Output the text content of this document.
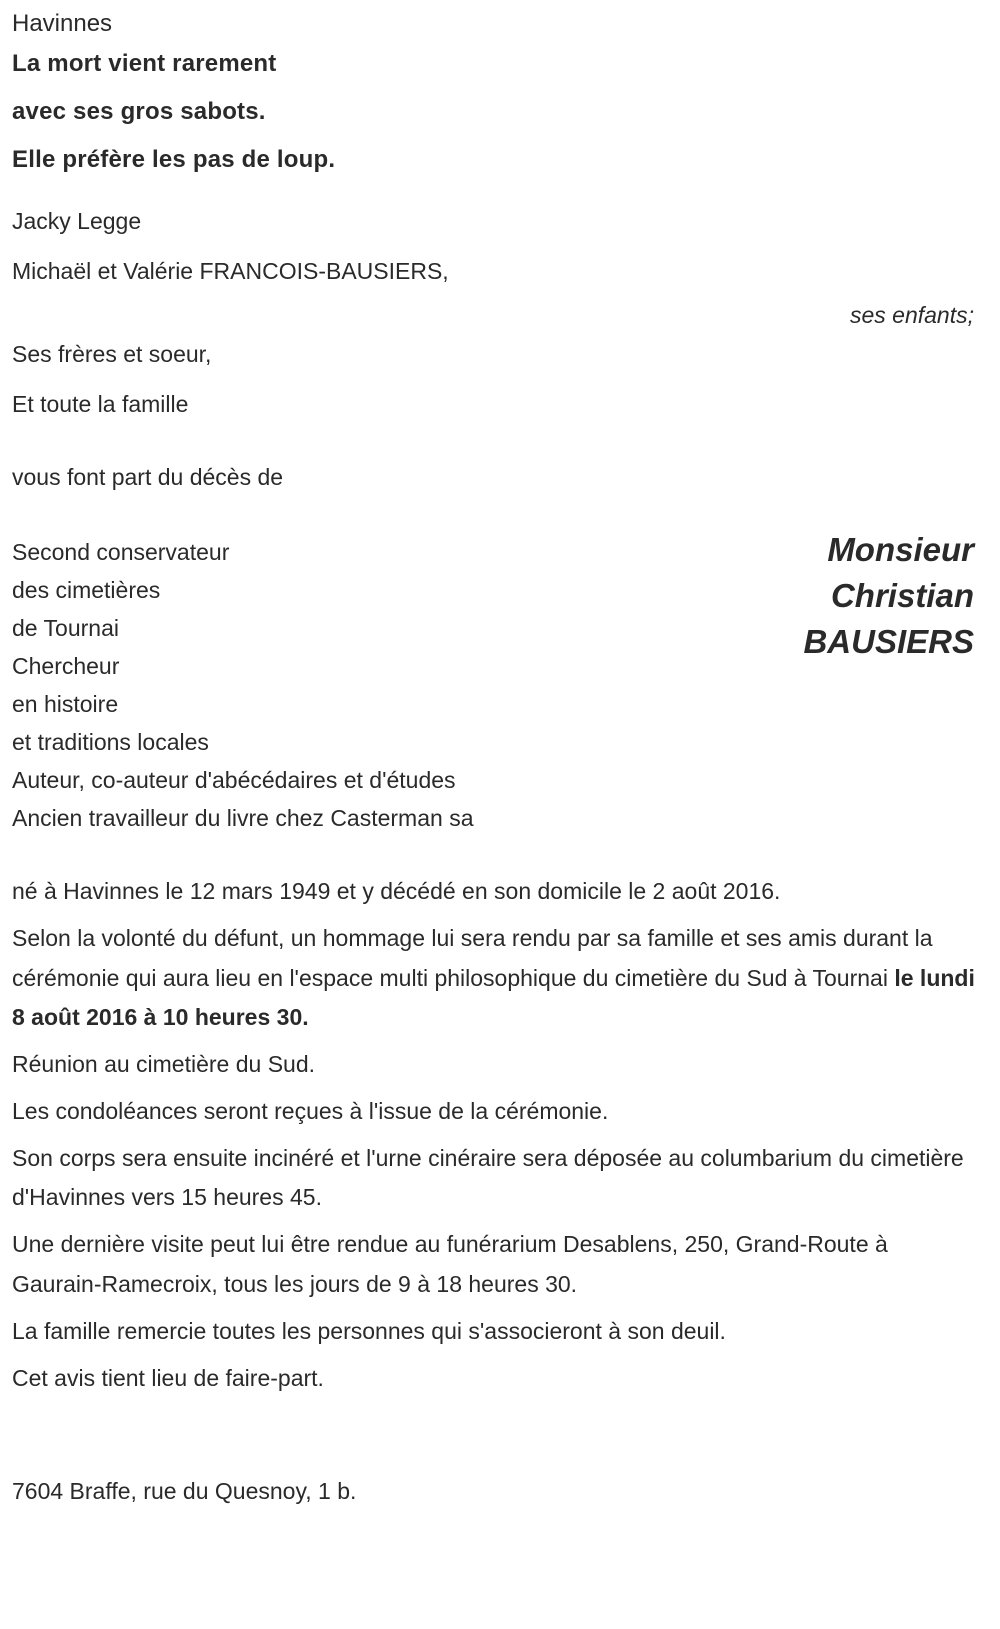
Havinnes
La mort vient rarement
avec ses gros sabots.
Elle préfère les pas de loup.
Jacky Legge
Michaël et Valérie FRANCOIS-BAUSIERS,
ses enfants;
Ses frères et soeur,
Et toute la famille
vous font part du décès de
Second conservateur
des cimetières
de Tournai
Chercheur
en histoire
et traditions locales
Auteur, co-auteur d'abécédaires et d'études
Ancien travailleur du livre chez Casterman sa
Monsieur
Christian
BAUSIERS

né à Havinnes le 12 mars 1949 et y décédé en son domicile le 2 août 2016.

Selon la volonté du défunt, un hommage lui sera rendu par sa famille et ses amis durant la cérémonie qui aura lieu en l'espace multi philosophique du cimetière du Sud à Tournai le lundi 8 août 2016 à 10 heures 30.

Réunion au cimetière du Sud.

Les condoléances seront reçues à l'issue de la cérémonie.

Son corps sera ensuite incinéré et l'urne cinéraire sera déposée au columbarium du cimetière d'Havinnes vers 15 heures 45.

Une dernière visite peut lui être rendue au funérarium Desablens, 250, Grand-Route à Gaurain-Ramecroix, tous les jours de 9 à 18 heures 30.

La famille remercie toutes les personnes qui s'associeront à son deuil.

Cet avis tient lieu de faire-part.

7604 Braffe, rue du Quesnoy, 1 b.
